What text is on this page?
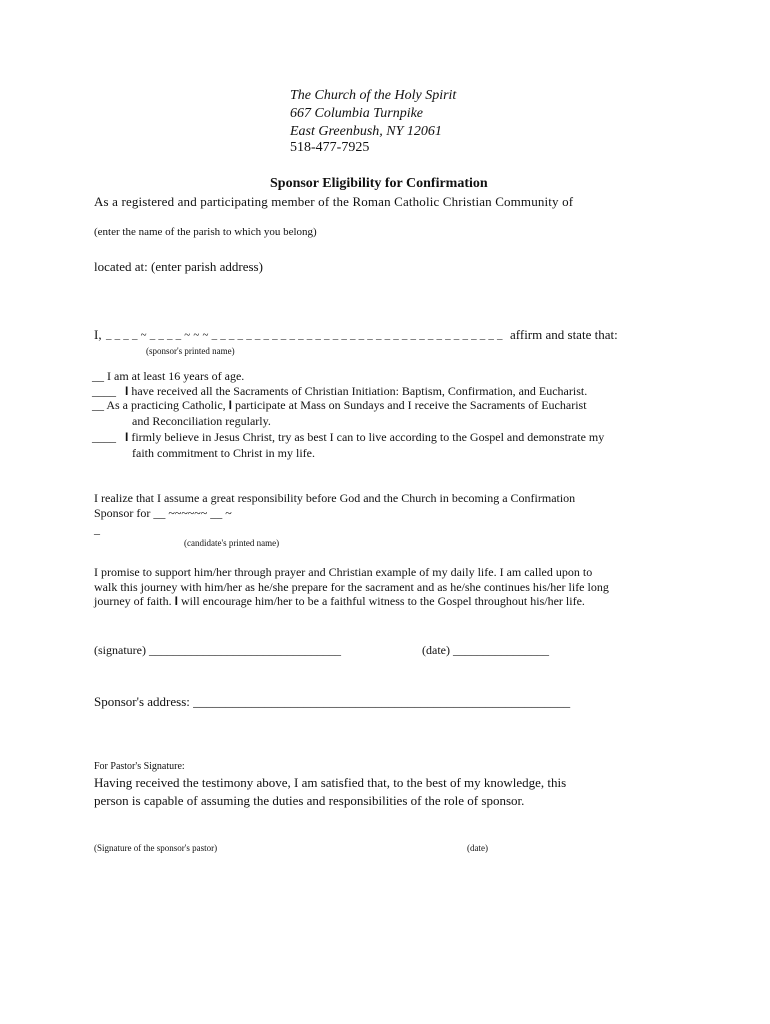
The Church of the Holy Spirit
667 Columbia Turnpike
East Greenbush, NY 12061
518-477-7925
Sponsor Eligibility for Confirmation
As a registered and participating member of the Roman Catholic Christian Community of
(enter the name of the parish to which you belong)
located at: (enter parish address)
I, _ _ _ _ ~ _ _ _ _ ~ ~ ~ _ _ _ _ _ _ _ _ _ _ _ _ _ _ _ _ _ _ _ _ _ _ _ _ _ _ _ _ _ _ _ _ _ _ affirm and state that:
(sponsor's printed name)
__ I am at least 16 years of age.
____ I have received all the Sacraments of Christian Initiation: Baptism, Confirmation, and Eucharist.
__ As a practicing Catholic, I participate at Mass on Sundays and I receive the Sacraments of Eucharist
and Reconciliation regularly.
____ I firmly believe in Jesus Christ, try as best I can to live according to the Gospel and demonstrate my
faith commitment to Christ in my life.
I realize that I assume a great responsibility before God and the Church in becoming a Confirmation
Sponsor for __ ~~~~~~ __ ~
_
(candidate's printed name)
I promise to support him/her through prayer and Christian example of my daily life. I am called upon to
walk this journey with him/her as he/she prepare for the sacrament and as he/she continues his/her life long
journey of faith. I will encourage him/her to be a faithful witness to the Gospel throughout his/her life.
(signature) ________________________________	(date) ________________
Sponsor's address: __________________________________________________________
For Pastor's Signature:
Having received the testimony above, I am satisfied that, to the best of my knowledge, this
person is capable of assuming the duties and responsibilities of the role of sponsor.
(Signature of the sponsor's pastor)	(date)
